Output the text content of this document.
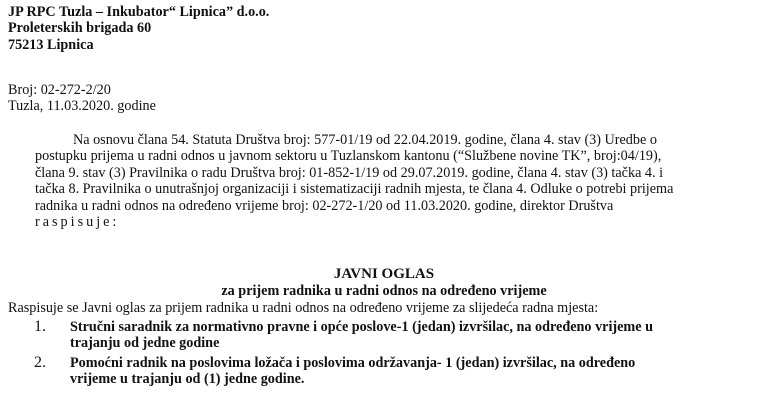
JP RPC Tuzla – Inkubator“ Lipnica” d.o.o.
Proleterskih brigada 60
75213 Lipnica
Broj: 02-272-2/20
Tuzla, 11.03.2020. godine
Na osnovu člana 54. Statuta Društva broj: 577-01/19 od 22.04.2019. godine, člana 4. stav (3) Uredbe o
postupku prijema u radni odnos u javnom sektoru u Tuzlanskom kantonu (“Službene novine TK”, broj:04/19),
člana 9. stav (3) Pravilnika o radu Društva broj: 01-852-1/19 od 29.07.2019. godine, člana 4. stav (3) tačka 4. i
tačka 8. Pravilnika o unutrašnjoj organizaciji i sistematizaciji radnih mjesta, te člana 4. Odluke o potrebi prijema
radnika u radni odnos na određeno vrijeme broj: 02-272-1/20 od 11.03.2020. godine, direktor Društva
raspisuje:
JAVNI OGLAS
za prijem radnika u radni odnos na određeno vrijeme
Raspisuje se Javni oglas za prijem radnika u radni odnos na određeno vrijeme za slijedeća radna mjesta:
1. Stručni saradnik za normativno pravne i opće poslove-1 (jedan) izvršilac, na određeno vrijeme u
trajanju od jedne godine
2. Pomoćni radnik na poslovima ložača i poslovima održavanja- 1 (jedan) izvršilac, na određeno
vrijeme u trajanju od (1) jedne godine.
